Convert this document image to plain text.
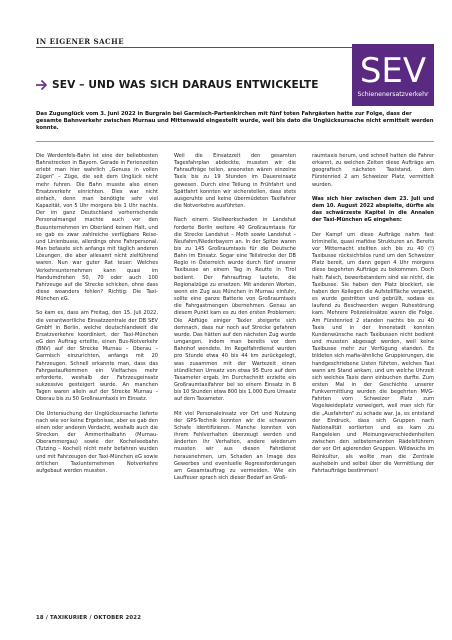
IN EIGENER SACHE
SEV
Schienenersatzverkehr
SEV – UND WAS SICH DARAUS ENTWICKELTE

Das Zugunglück vom 3. Juni 2022 in Burgrain bei Garmisch-Partenkirchen mit fünf toten Fahrgästen hatte zur Folge, dass der gesamte Bahnverkehr zwischen Murnau und Mittenwald eingestellt wurde, weil bis dato die Unglücksursache nicht ermittelt werden konnte.

Die Werdenfels-Bahn ist eine der beliebtesten Bahnstrecken in Bayern. Gerade in Ferienzeiten erlebt man hier wahrlich „Genuss in vollen Zügen“ – Züge, die seit dem Unglück nicht mehr fuhren. Die Bahn musste also einen Ersatzverkehr einrichten. Dies war nicht einfach, denn man benötigte sehr viel Kapazität, von 5 Uhr morgens bis 1 Uhr nachts. Der im ganz Deutschland vorherrschende Personalmangel machte auch vor den Busunternehmen im Oberland keinen Halt, und so gab es zwar zahlreiche verfügbare Reise- und Linienbusse, allerdings ohne Fahrpersonal. Man befasste sich anfangs mit täglich anderen Lösungen, die aber allesamt nicht zielführend waren. Nun war guter Rat teuer: Welches Verkehrsunternehmen kann quasi im Handumdrehen 50, 70 oder auch 100 Fahrzeuge auf die Strecke schicken, ohne dass diese woanders fehlen? Richtig: Die Taxi-München eG.

So kam es, dass am Freitag, den 15. Juli 2022, die verantwortliche Einsatzzentrale der DB SEV GmbH in Berlin, welche deutschlandweit die Ersatzverkehre koordiniert, der Taxi-München eG den Auftrag erteilte, einen Bus-Notverkehr (BNV) auf der Strecke Murnau – Oberau – Garmisch einzurichten, anfangs mit 20 Fahrzeugen. Schnell erkannte man, dass das Fahrgastaufkommen ein Vielfaches mehr erforderte, weshalb der Fahrzeugeinsatz sukzessive gesteigert wurde. An manchen Tagen waren allein auf der Strecke Murnau – Oberau bis zu 50 Großraumtaxis im Einsatz.

Die Untersuchung der Unglücksursache lieferte nach wie vor keine Ergebnisse, aber es gab den einen oder anderen Verdacht, weshalb auch die Strecken der Ammerthalbahn (Murnau-Oberammergau) sowie der Kochelseebahn (Tutzing – Kochel) nicht mehr befahren wurden und mit Fahrzeugen der Taxi-München eG sowie örtlichen Taxiunternehmen Notverkehre aufgebaut werden mussten.

Weil die Einsatzzeit den gesamten Tagesfahrplan abdeckte, mussten wir die Fahraufträge teilen, ansonsten wären einzelne Taxis bis zu 19 Stunden im Dauereinsatz gewesen. Durch eine Teilung in Frühfahrt und Spätfahrt konnten wir sicherstellen, dass stets ausgeruhte und keine übermüdeten Taxifahrer die Notverkehre ausführten.

Nach einem Stellwerkschaden in Landshut forderte Berlin weitere 40 Großraumtaxis für die Strecke Landshut – Moth sowie Landshut – Neufahrn/Niederbayern an. In der Spitze waren bis zu 145 Großraumtaxis für die Deutsche Bahn im Einsatz. Sogar eine Teilstrecke der DB Regio in Österreich wurde durch fünf unserer Taxibusse an einem Tag in Reutte in Tirol bedient. Der Fahrauftrag lautete, die Regionalzüge zu ersetzen. Mit anderen Worten, wenn ein Zug aus München in Murnau einfuhr, sollte eine ganze Batterie von Großraumtaxis die Fahrgastmengen übernehmen. Genau an diesem Punkt kam es zu den ersten Problemen: Die Abflüge einiger Taxler steigerte sich demnach, dass nur noch auf Strecke gefahren wurde. Das hätten auf den nächsten Zug wurde umgangen, indem man bereits vor dem Bahnhof wendete. Im Regelfahrdienst wurden pro Stunde etwa 40 bis 44 km zurückgelegt, was zusammen mit der Wartezeit einen stündlichen Umsatz von etwa 95 Euro auf dem Taxameter ergab. Im Durchschnitt erzielte ein Großraumtaxifahrer bei so einem Einsatz in 8 bis 10 Stunden etwa 800 bis 1.000 Euro Umsatz auf dem Taxameter.

Mit viel Personaleinsatz vor Ort und Nutzung der GPS-Technik konnten wir die schwarzen Schafe identifizieren. Manche konnten von ihrem Fehlverhalten überzeugt werden und änderten ihr Verhalten, andere wiederum mussten wir aus diesen Fahrdienst herausnehmen, um Schaden an Image des Gewerbes und eventuelle Regressforderungen am Gesamtauftrag zu vermeiden. Wie ein Lauffeuer sprach sich dieser Bedarf an Groß-

raumtaxis herum, und schnell hatten die Fahrer erkannt, zu welchen Zeiten diese Aufträge am geografisch nächsten Taxistand, dem Fürstenried 2 am Schweizer Platz, vermittelt wurden.

Was sich hier zwischen dem 23. Juli und dem 10. August 2022 abspielte, dürfte als das schwärzeste Kapitel in die Annalen der Taxi-München eG eingehen:

Der Kampf um diese Aufträge nahm fast kriminelle, quasi mafiöse Strukturen an. Bereits vor Mitternacht stellten sich bis zu 40 (!) Taxibusse rücksichtslos rund um den Schweizer Platz bereit, um dann gegen 4 Uhr morgens diese begehrten Aufträge zu bekommen. Doch halt: Falsch, bewerbstandern sind sie nicht, die Taxibusse. Sie haben den Platz blockiert, sie haben den Kollegen die Aufstellfläche verparkt, es wurde gestritten und gebrüllt, sodass es laufend zu Beschwerden wegen Ruhestörung kam. Mehrere Polizeieinsätze waren die Folge. Am Fürstenried 2 standen nachts bis zu 40 Taxis und in der Innenstadt konnten Kundenwünsche nach Taxibussen nicht bedient und mussten abgesagt werden, weil keine Taxibusse mehr zur Verfügung standen. Es bildeten sich mafia-ähnliche Gruppierungen, die handgeschriebene Listen führten, welches Taxi wann am Stand ankam, und um welche Uhrzeit sich welches Taxis dann einbuchen durfte. Zum ersten Mal in der Geschichte unserer Funkvermittlung wurden die begehrten MVG-Fahrten vom Schweizer Platz zum Vogelweideplatz verweigert, weil man sich für die „Ausfahrten“ zu schade war. Ja, es entstand der Eindruck, dass sich Gruppen nach Nationalität sortierten und es kam zu Rangeleien und Meinungsverschiedenheiten zwischen den selbsternannten Rädelsführern der vor Ort agierenden Gruppen. Wildwuchs im Reinkultur, als wollte man die Zentrale aushebeln und selbst über die Vermittlung der Fahrtaufträge bestimmen!

18 / TAXIKURIER / OKTOBER 2022
